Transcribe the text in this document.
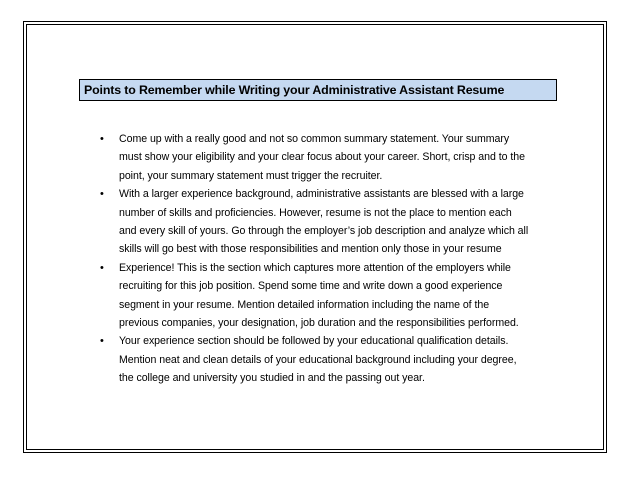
Points to Remember while Writing your Administrative Assistant Resume
• Come up with a really good and not so common summary statement. Your summary
must show your eligibility and your clear focus about your career. Short, crisp and to the
point, your summary statement must trigger the recruiter.
• With a larger experience background, administrative assistants are blessed with a large
number of skills and proficiencies. However, resume is not the place to mention each
and every skill of yours. Go through the employer’s job description and analyze which all
skills will go best with those responsibilities and mention only those in your resume
• Experience! This is the section which captures more attention of the employers while
recruiting for this job position. Spend some time and write down a good experience
segment in your resume. Mention detailed information including the name of the
previous companies, your designation, job duration and the responsibilities performed.
• Your experience section should be followed by your educational qualification details.
Mention neat and clean details of your educational background including your degree,
the college and university you studied in and the passing out year.
